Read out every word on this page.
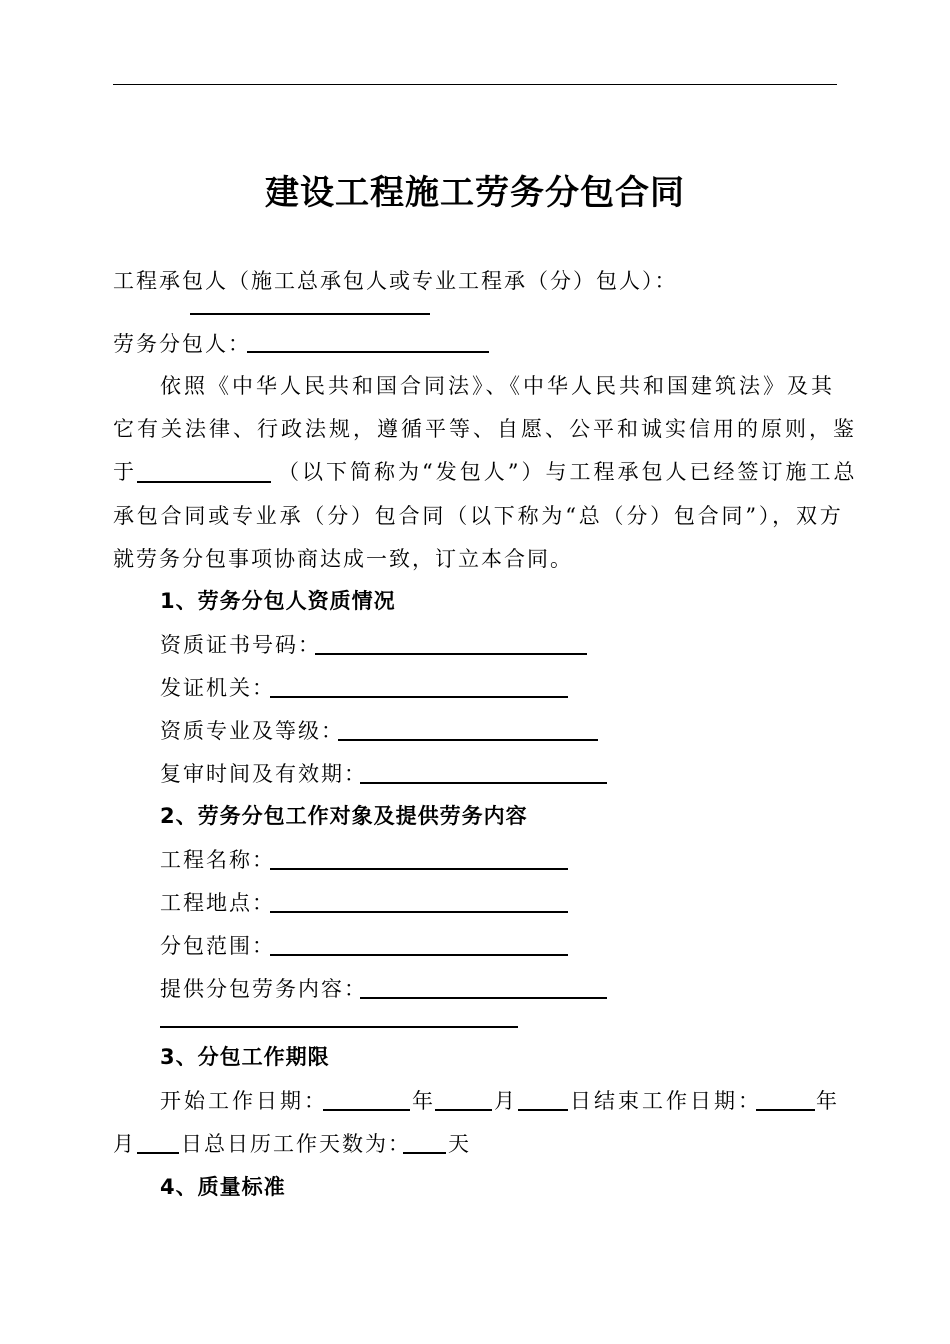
建设工程施工劳务分包合同
工程承包人（施工总承包人或专业工程承（分）包人）：
劳务分包人：
依照《中华人民共和国合同法》、《中华人民共和国建筑法》及其
它有关法律、行政法规，遵循平等、自愿、公平和诚实信用的原则，鉴
于	（以下简称为“发包人”）与工程承包人已经签订施工总
承包合同或专业承（分）包合同（以下称为“总（分）包合同”），双方
就劳务分包事项协商达成一致，订立本合同。
1、劳务分包人资质情况
资质证书号码：
发证机关：
资质专业及等级：
复审时间及有效期：
2、劳务分包工作对象及提供劳务内容
工程名称：
工程地点：
分包范围：
提供分包劳务内容：
3、分包工作期限
开始工作日期：	年	月	日结束工作日期：	年
月 日总日历工作天数为： 天
4、质量标准
